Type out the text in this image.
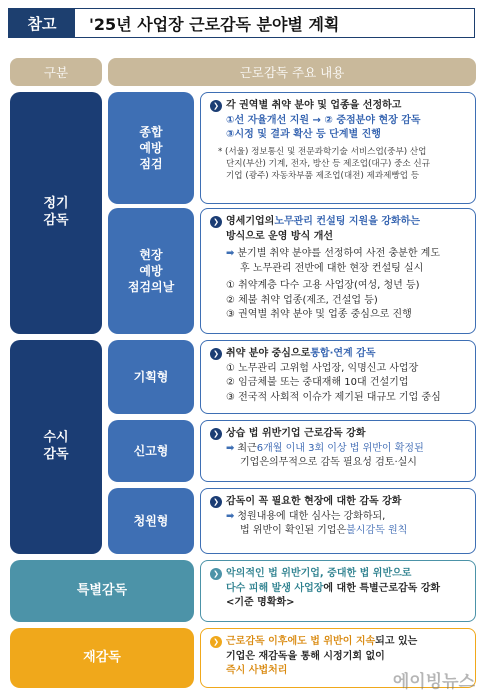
참고	'25년 사업장 근로감독 분야별 계획
구분	근로감독 주요 내용
정기
감독
종합
예방
점검
❯ 각 권역별 취약 분야 및 업종을 선정하고
①선 자율개선 지원 → ② 중점분야 현장 감독
③시정 및 결과 확산 등 단계별 진행
* (서울) 정보통신 및 전문과학기술 서비스업(중부) 산업
단지(부산) 기계, 전자, 방산 등 제조업(대구) 중소 신규
기업 (광주) 자동차부품 제조업(대전) 제과제빵업 등
현장
예방
점검의날
❯ 영세기업의 노무관리 컨설팅 지원을 강화하는
방식으로 운영 방식 개선
➡ 분기별 취약 분야를 선정하여 사전 충분한 계도
후 노무관리 전반에 대한 현장 컨설팅 실시
① 취약계층 다수 고용 사업장(여성, 청년 등)
② 체불 취약 업종(제조, 건설업 등)
③ 권역별 취약 분야 및 업종 중심으로 진행
수시
감독
기획형
❯ 취약 분야 중심으로 통합·연계 감독
① 노무관리 고위험 사업장, 익명신고 사업장
② 임금체불 또는 중대재해 10대 건설기업
③ 전국적 사회적 이슈가 제기된 대규모 기업 중심
신고형
❯ 상습 법 위반기업 근로감독 강화
➡ 최근 6개월 이내 3회 이상 법 위반이 확정된
기업은 의무적으로 감독 필요성 검토·실시
청원형
❯ 감독이 꼭 필요한 현장에 대한 감독 강화
➡ 청원내용에 대한 심사는 강화하되,
법 위반이 확인된 기업은 불시감독 원칙
특별감독
❯ 악의적인 법 위반기업, 중대한 법 위반으로
다수 피해 발생 사업장 에 대한 특별근로감독 강화
<기준 명확화>
재감독
❯ 근로감독 이후에도 법 위반이 지속 되고 있는
기업은 재감독을 통해 시정기회 없이
즉시 사법처리
에이빙뉴스
